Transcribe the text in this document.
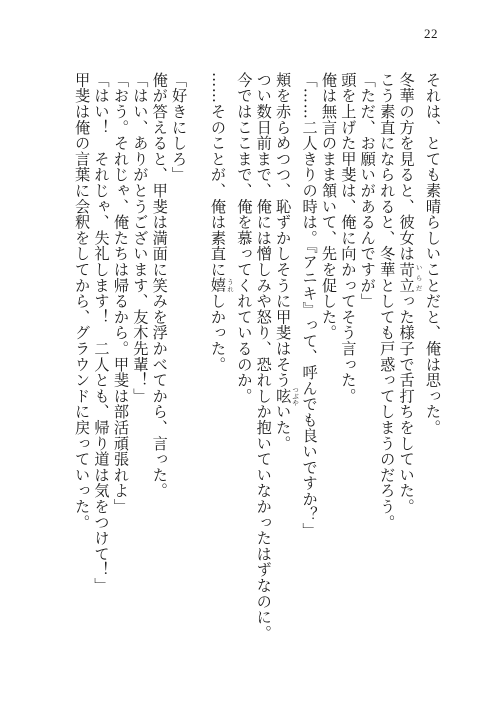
22
それは、とても素晴らしいことだと、俺は思った。
冬華の方を見ると、彼女は苛立 いらだった様子で舌打ちをしていた。
こう素直になられると、冬華としても戸惑ってしまうのだろう。
「ただ、お願いがあるんですが」
頭を上げた甲斐は、俺に向かってそう言った。
俺は無言のまま頷いて、先を促した。
「……二人きりの時は。『アニキ』って、呼んでも良いですか？」
頬を赤らめつつ、恥ずかしそうに甲斐はそう呟 つぶやいた。
つい数日前まで、俺には憎しみや怒り、恐れしか抱いていなかったはずなのに。
今ではここまで、俺を慕ってくれているのか。
……そのことが、俺は素直に嬉 うれしかった。
「好きにしろ」
俺が答えると、甲斐は満面に笑みを浮かべてから、言った。
「はい、ありがとうございます、友木先輩！」
「おう。それじゃ、俺たちは帰るから。甲斐は部活頑張れよ」
「はい！　それじゃ、失礼します！　二人とも、帰り道は気をつけて！」
甲斐は俺の言葉に会釈をしてから、グラウンドに戻っていった。
